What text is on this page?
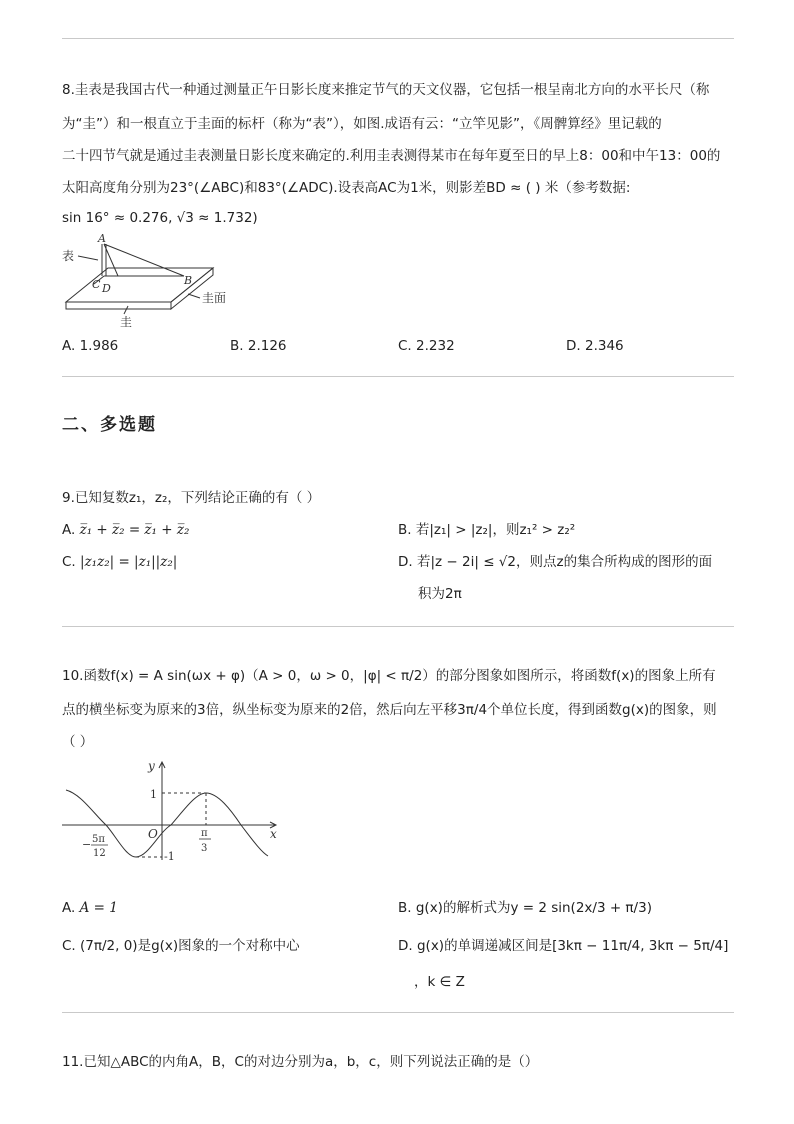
8.圭表是我国古代一种通过测量正午日影长度来推定节气的天文仪器，它包括一根呈南北方向的水平长尺（称
为“圭”）和一根直立于圭面的标杆（称为“表”），如图.成语有云：“立竿见影”，《周髀算经》里记载的
二十四节气就是通过圭表测量日影长度来确定的.利用圭表测得某市在每年夏至日的早上8：00和中午13：00的
太阳高度角分别为23°(∠ABC)和83°(∠ADC).设表高AC为1米，则影差BD ≈ ( ) 米（参考数据:
sin 16° ≈ 0.276, √3 ≈ 1.732)
A
B
C D
表
圭面
圭
A. 1.986	B. 2.126	C. 2.232	D. 2.346
二、多选题
9.已知复数z₁，z₂，下列结论正确的有（ ）
A. z̅₁ + z̅₂ = z̅₁ + z̅₂	B. 若|z₁| > |z₂|，则z₁² > z₂²
C. |z₁z₂| = |z₁||z₂|	D. 若|z − 2i| ≤ √2，则点z的集合所构成的图形的面
积为2π
10.函数f(x) = A sin(ωx + φ)（A > 0，ω > 0，|φ| < π/2）的部分图象如图所示，将函数f(x)的图象上所有
点的横坐标变为原来的3倍，纵坐标变为原来的2倍，然后向左平移3π/4个单位长度，得到函数g(x)的图象，则
（ ）
y
x
O
1
-1
− 5π
12
π
3
A. A = 1	B. g(x)的解析式为y = 2 sin(2x/3 + π/3)
C. (7π/2, 0)是g(x)图象的一个对称中心	D. g(x)的单调递减区间是[3kπ − 11π/4, 3kπ − 5π/4]
，k ∈ Z
11.已知△ABC的内角A，B，C的对边分别为a，b，c，则下列说法正确的是（）
